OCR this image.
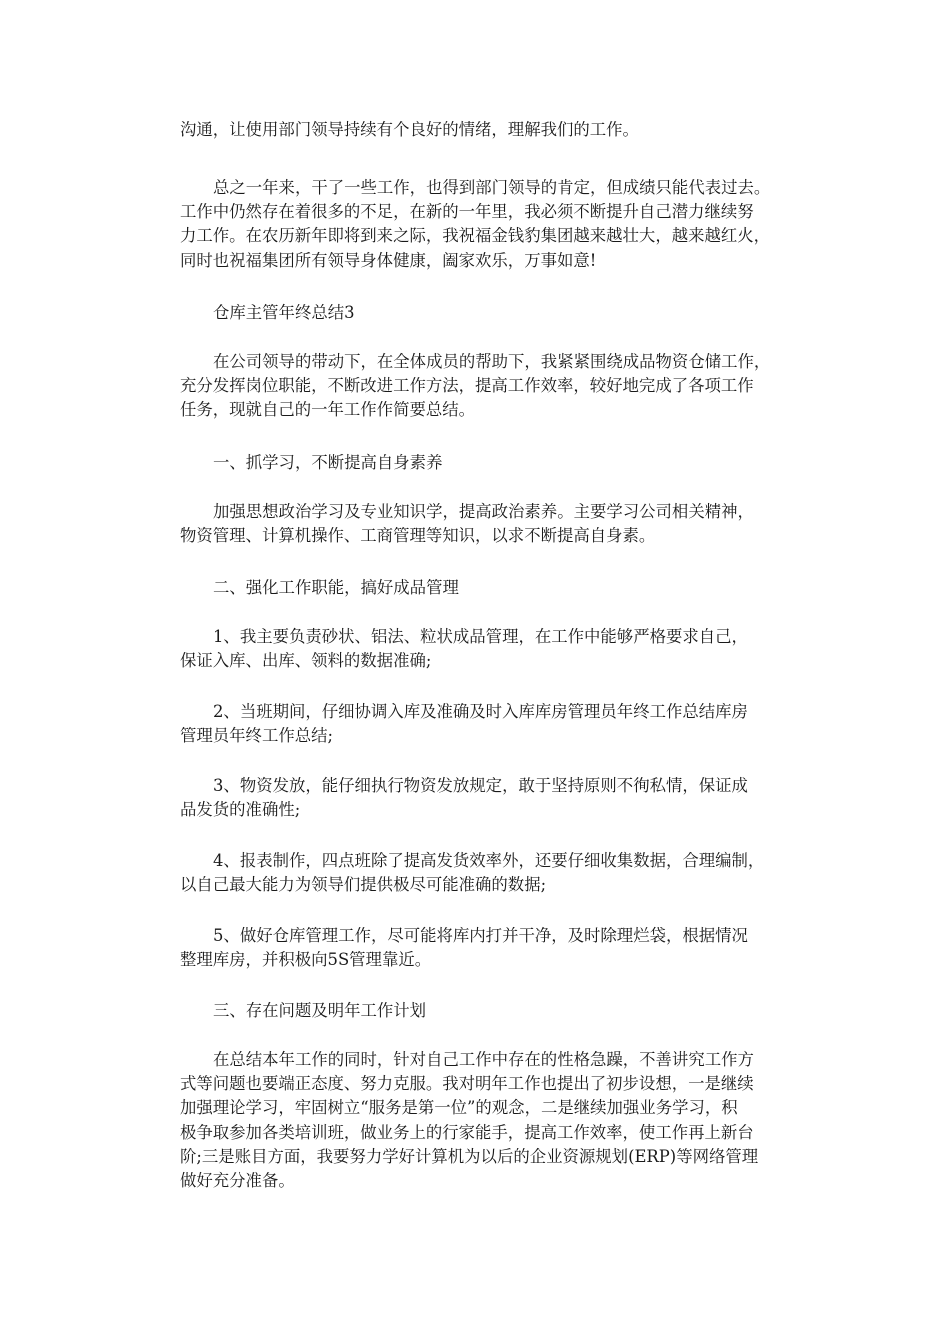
沟通，让使用部门领导持续有个良好的情绪，理解我们的工作。
总之一年来，干了一些工作，也得到部门领导的肯定，但成绩只能代表过去。
工作中仍然存在着很多的不足，在新的一年里，我必须不断提升自己潜力继续努
力工作。在农历新年即将到来之际，我祝福金钱豹集团越来越壮大，越来越红火，
同时也祝福集团所有领导身体健康，阖家欢乐，万事如意!
仓库主管年终总结3
在公司领导的带动下，在全体成员的帮助下，我紧紧围绕成品物资仓储工作，
充分发挥岗位职能，不断改进工作方法，提高工作效率，较好地完成了各项工作
任务，现就自己的一年工作作简要总结。
一、抓学习，不断提高自身素养
加强思想政治学习及专业知识学，提高政治素养。主要学习公司相关精神，
物资管理、计算机操作、工商管理等知识，以求不断提高自身素。
二、强化工作职能，搞好成品管理
1、我主要负责砂状、铝法、粒状成品管理，在工作中能够严格要求自己，
保证入库、出库、领料的数据准确;
2、当班期间，仔细协调入库及准确及时入库库房管理员年终工作总结库房
管理员年终工作总结;
3、物资发放，能仔细执行物资发放规定，敢于坚持原则不徇私情，保证成
品发货的准确性;
4、报表制作，四点班除了提高发货效率外，还要仔细收集数据，合理编制，
以自己最大能力为领导们提供极尽可能准确的数据;
5、做好仓库管理工作，尽可能将库内打并干净，及时除理烂袋，根据情况
整理库房，并积极向5S管理靠近。
三、存在问题及明年工作计划
在总结本年工作的同时，针对自己工作中存在的性格急躁，不善讲究工作方
式等问题也要端正态度、努力克服。我对明年工作也提出了初步设想，一是继续
加强理论学习，牢固树立“服务是第一位”的观念，二是继续加强业务学习，积
极争取参加各类培训班，做业务上的行家能手，提高工作效率，使工作再上新台
阶;三是账目方面，我要努力学好计算机为以后的企业资源规划(ERP)等网络管理
做好充分准备。
